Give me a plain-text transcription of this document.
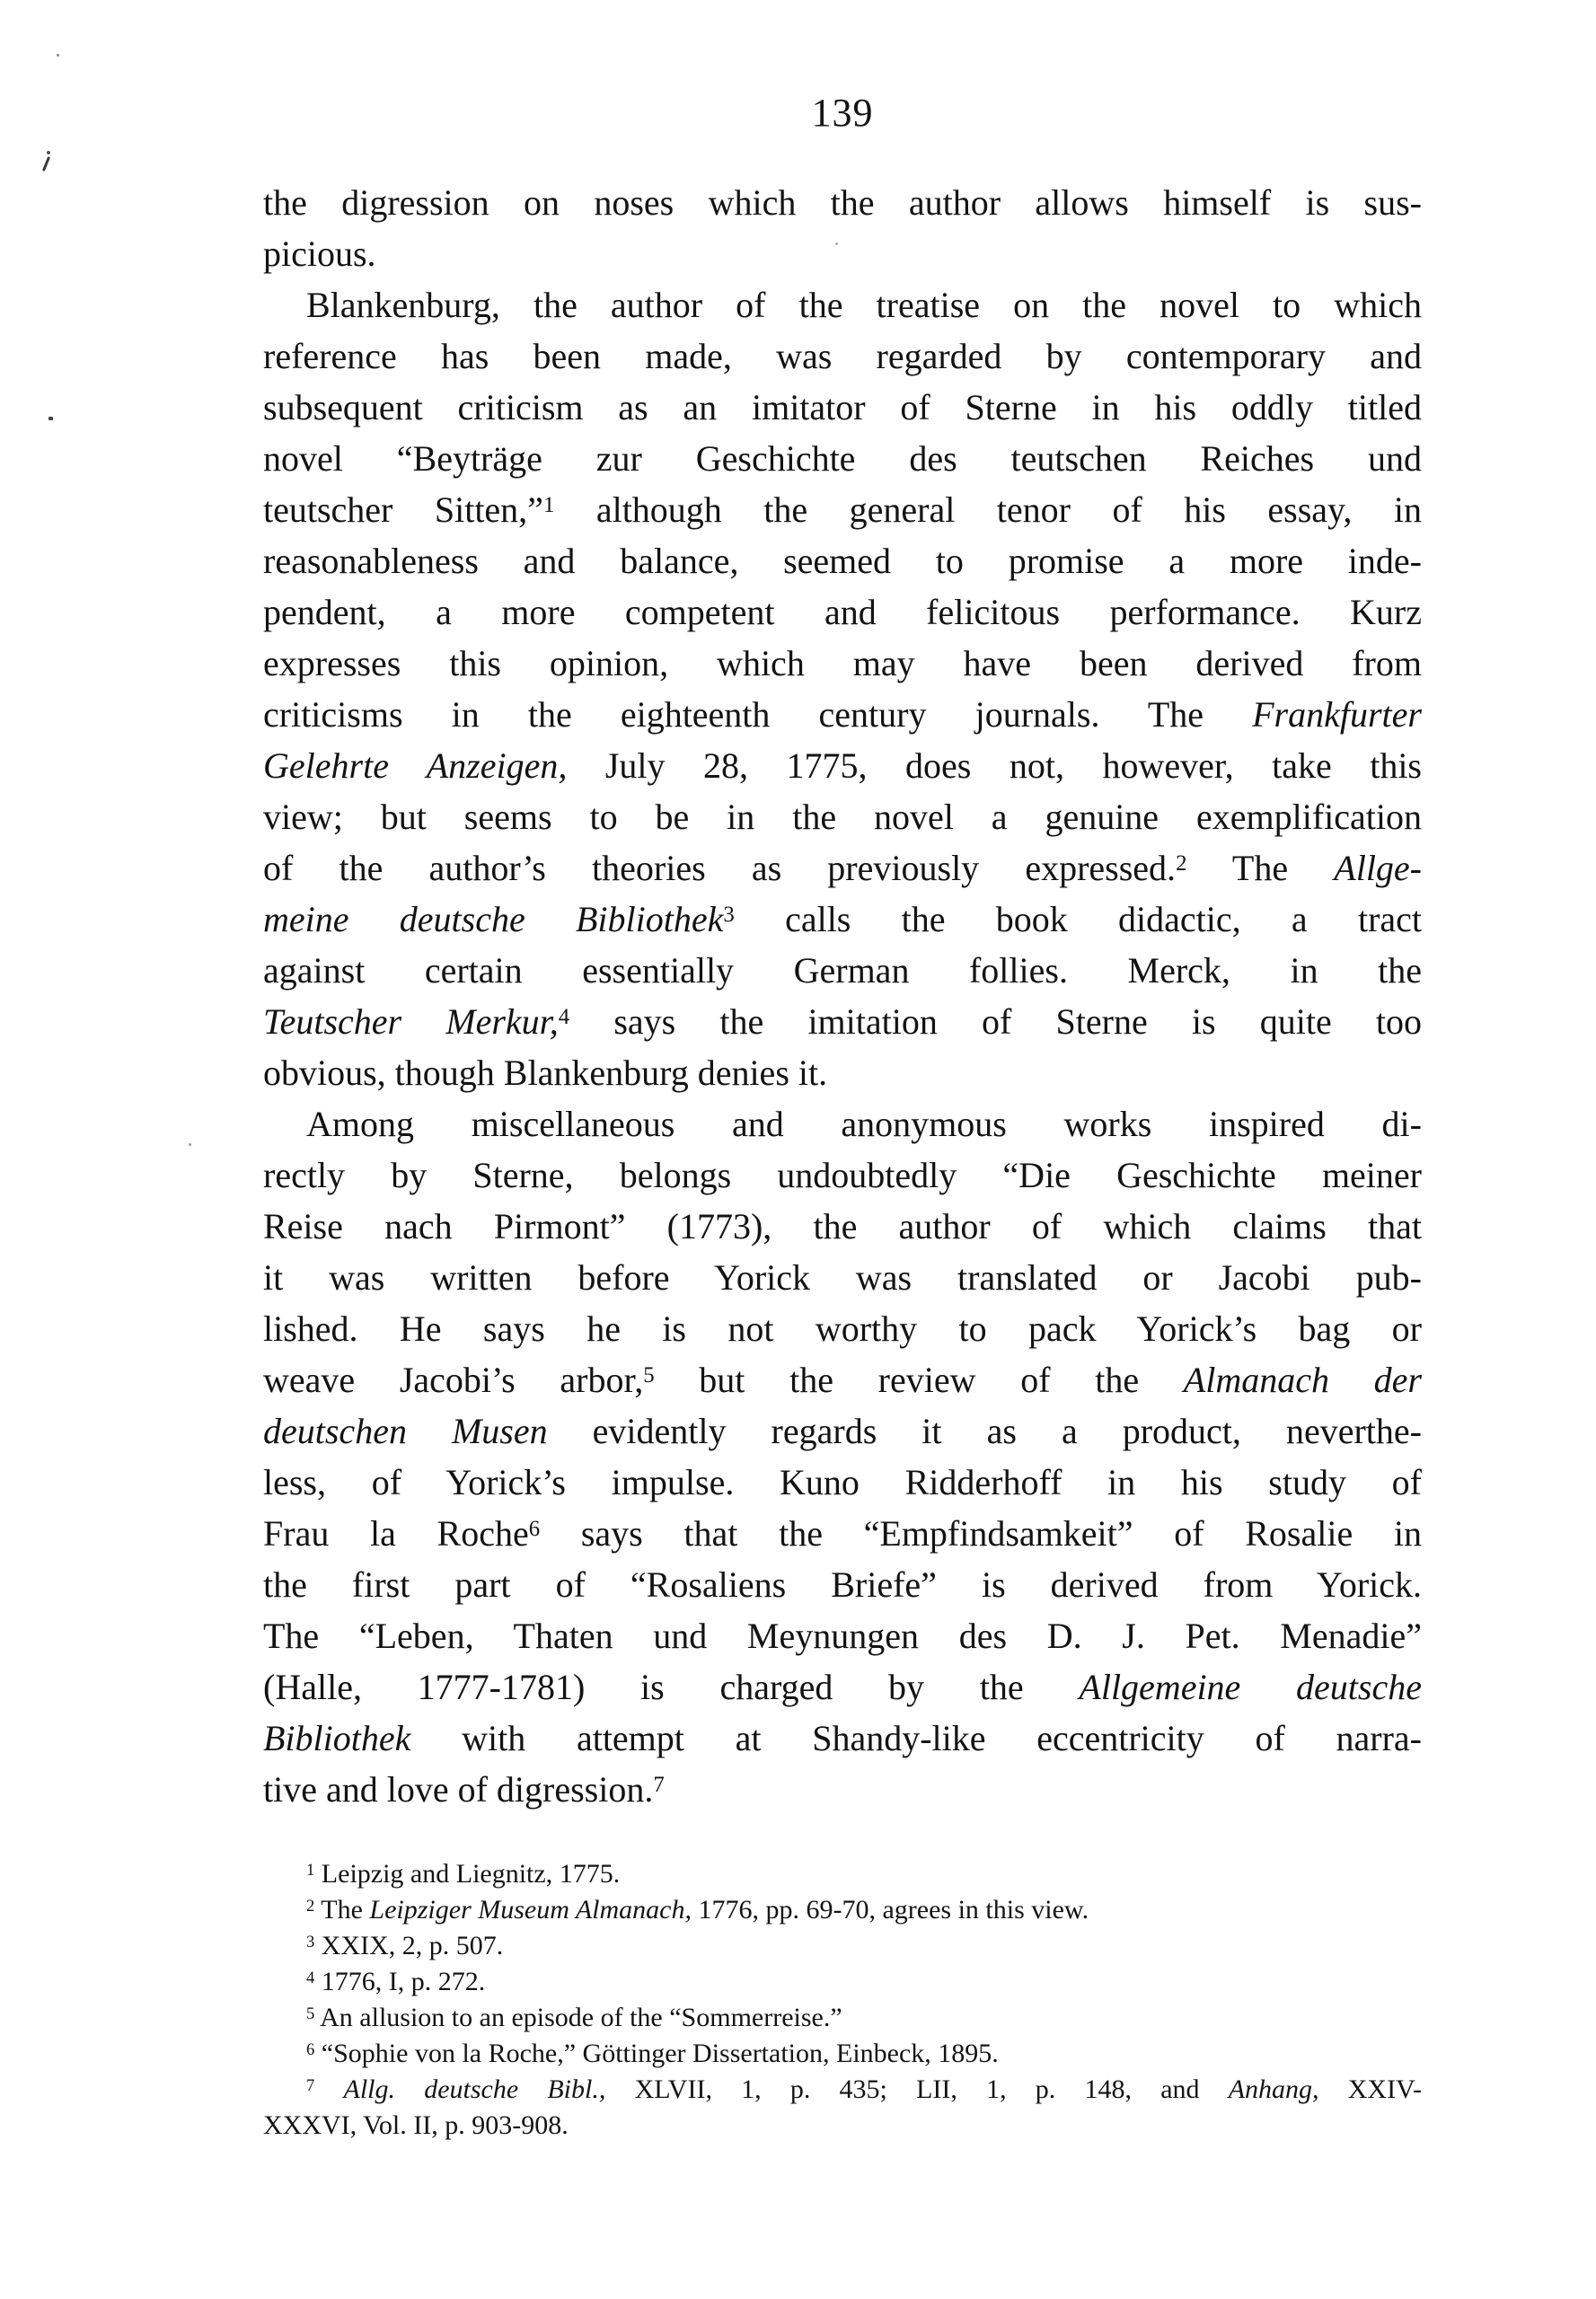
139
the digression on noses which the author allows himself is sus-
picious.
Blankenburg, the author of the treatise on the novel to which
reference has been made, was regarded by contemporary and
subsequent criticism as an imitator of Sterne in his oddly titled
novel “Beyträge zur Geschichte des teutschen Reiches und
teutscher Sitten,”$^1$ although the general tenor of his essay, in
reasonableness and balance, seemed to promise a more inde-
pendent, a more competent and felicitous performance. Kurz
expresses this opinion, which may have been derived from
criticisms in the eighteenth century journals. The Frankfurter
Gelehrte Anzeigen, July 28, 1775, does not, however, take this
view; but seems to be in the novel a genuine exemplification
of the author’s theories as previously expressed.$^2$ The Allge-
meine deutsche Bibliothek$^3$ calls the book didactic, a tract
against certain essentially German follies. Merck, in the
Teutscher Merkur,$^4$ says the imitation of Sterne is quite too
obvious, though Blankenburg denies it.
Among miscellaneous and anonymous works inspired di-
rectly by Sterne, belongs undoubtedly “Die Geschichte meiner
Reise nach Pirmont” (1773), the author of which claims that
it was written before Yorick was translated or Jacobi pub-
lished. He says he is not worthy to pack Yorick’s bag or
weave Jacobi’s arbor,$^5$ but the review of the Almanach der
deutschen Musen evidently regards it as a product, neverthe-
less, of Yorick’s impulse. Kuno Ridderhoff in his study of
Frau la Roche$^6$ says that the “Empfindsamkeit” of Rosalie in
the first part of “Rosaliens Briefe” is derived from Yorick.
The “Leben, Thaten und Meynungen des D. J. Pet. Menadie”
(Halle, 1777-1781) is charged by the Allgemeine deutsche
Bibliothek with attempt at Shandy-like eccentricity of narra-
tive and love of digression.$^7$
$^1$ Leipzig and Liegnitz, 1775.
$^2$ The Leipziger Museum Almanach, 1776, pp. 69-70, agrees in this view.
$^3$ XXIX, 2, p. 507.
$^4$ 1776, I, p. 272.
$^5$ An allusion to an episode of the “Sommerreise.”
$^6$ “Sophie von la Roche,” Göttinger Dissertation, Einbeck, 1895.
$^7$ Allg. deutsche Bibl., XLVII, 1, p. 435; LII, 1, p. 148, and Anhang, XXIV-
XXXVI, Vol. II, p. 903-908.
